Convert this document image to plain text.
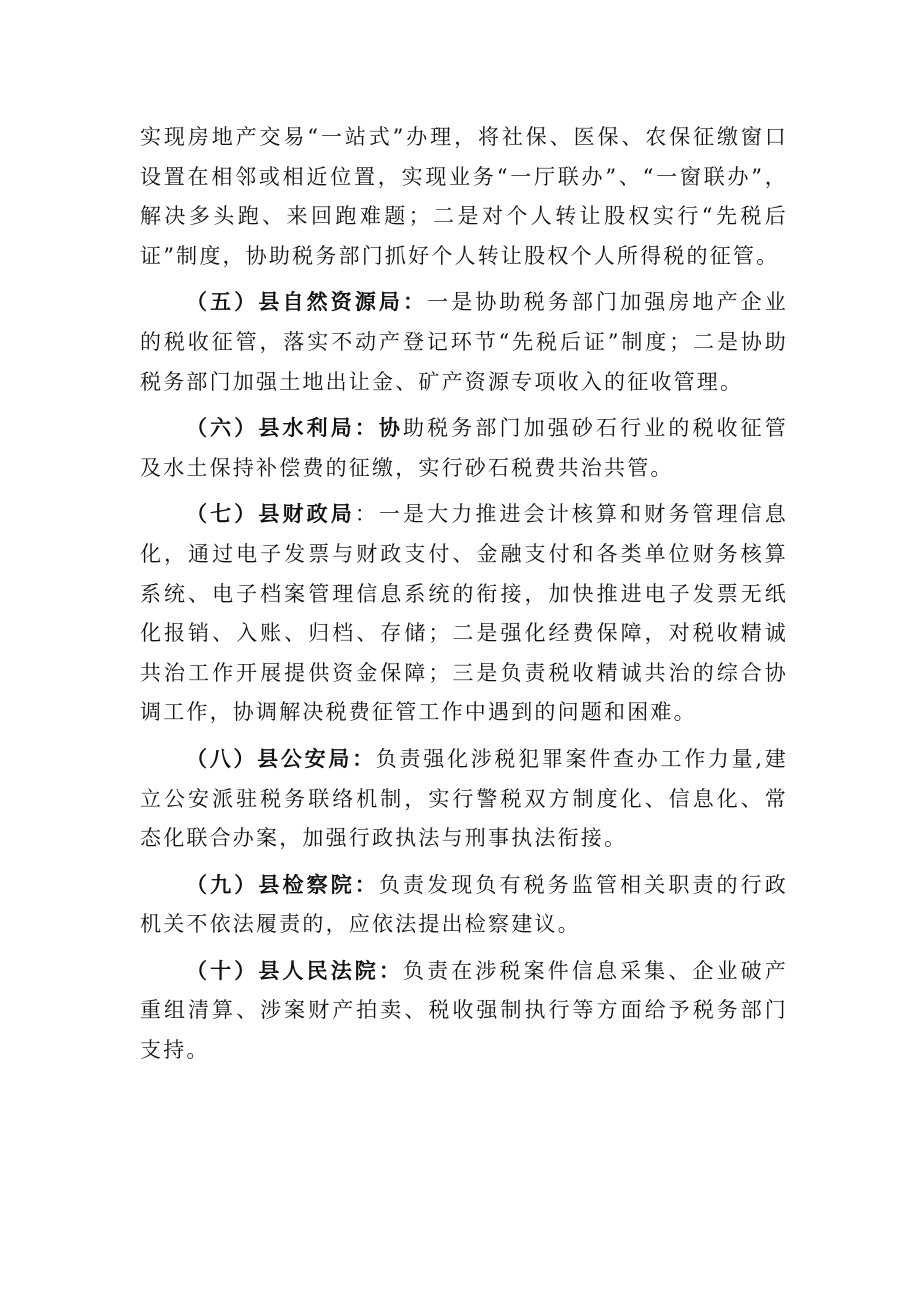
实现房地产交易“一站式”办理，将社保、医保、农保征缴窗口设置在相邻或相近位置，实现业务“一厅联办”、“一窗联办”，解决多头跑、来回跑难题；二是对个人转让股权实行“先税后证”制度，协助税务部门抓好个人转让股权个人所得税的征管。

（五）县自然资源局：一是协助税务部门加强房地产企业的税收征管，落实不动产登记环节“先税后证”制度；二是协助税务部门加强土地出让金、矿产资源专项收入的征收管理。

（六）县水利局：协助税务部门加强砂石行业的税收征管及水土保持补偿费的征缴，实行砂石税费共治共管。

（七）县财政局：一是大力推进会计核算和财务管理信息化，通过电子发票与财政支付、金融支付和各类单位财务核算系统、电子档案管理信息系统的衔接，加快推进电子发票无纸化报销、入账、归档、存储；二是强化经费保障，对税收精诚共治工作开展提供资金保障；三是负责税收精诚共治的综合协调工作，协调解决税费征管工作中遇到的问题和困难。

（八）县公安局：负责强化涉税犯罪案件查办工作力量,建立公安派驻税务联络机制，实行警税双方制度化、信息化、常态化联合办案，加强行政执法与刑事执法衔接。

（九）县检察院：负责发现负有税务监管相关职责的行政机关不依法履责的，应依法提出检察建议。

（十）县人民法院：负责在涉税案件信息采集、企业破产重组清算、涉案财产拍卖、税收强制执行等方面给予税务部门支持。
